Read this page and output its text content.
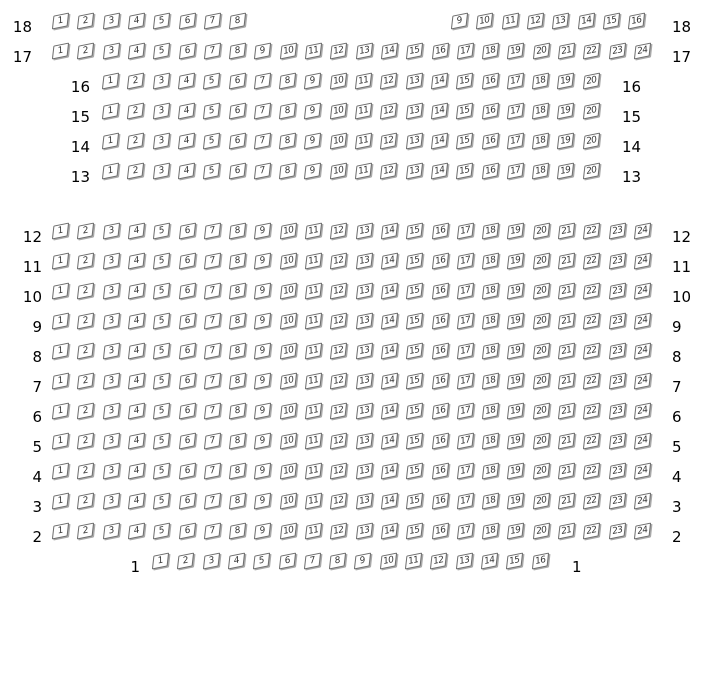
18	18
1	2	3	4	5	6	7	8	9	10	11	12	13	14	15	16
17	17
1	2	3	4	5	6	7	8	9	10	11	12	13	14	15	16	17	18	19	20	21	22	23	24
16	16
1	2	3	4	5	6	7	8	9	10	11	12	13	14	15	16	17	18	19	20
15	15
1	2	3	4	5	6	7	8	9	10	11	12	13	14	15	16	17	18	19	20
14	14
1	2	3	4	5	6	7	8	9	10	11	12	13	14	15	16	17	18	19	20
13	13
1	2	3	4	5	6	7	8	9	10	11	12	13	14	15	16	17	18	19	20
12	12
1	2	3	4	5	6	7	8	9	10	11	12	13	14	15	16	17	18	19	20	21	22	23	24
11	11
1	2	3	4	5	6	7	8	9	10	11	12	13	14	15	16	17	18	19	20	21	22	23	24
10	10
1	2	3	4	5	6	7	8	9	10	11	12	13	14	15	16	17	18	19	20	21	22	23	24
9	9
1	2	3	4	5	6	7	8	9	10	11	12	13	14	15	16	17	18	19	20	21	22	23	24
8	8
1	2	3	4	5	6	7	8	9	10	11	12	13	14	15	16	17	18	19	20	21	22	23	24
7	7
1	2	3	4	5	6	7	8	9	10	11	12	13	14	15	16	17	18	19	20	21	22	23	24
6	6
1	2	3	4	5	6	7	8	9	10	11	12	13	14	15	16	17	18	19	20	21	22	23	24
5	5
1	2	3	4	5	6	7	8	9	10	11	12	13	14	15	16	17	18	19	20	21	22	23	24
4	4
1	2	3	4	5	6	7	8	9	10	11	12	13	14	15	16	17	18	19	20	21	22	23	24
3	3
1	2	3	4	5	6	7	8	9	10	11	12	13	14	15	16	17	18	19	20	21	22	23	24
2	2
1	2	3	4	5	6	7	8	9	10	11	12	13	14	15	16	17	18	19	20	21	22	23	24
1	1
1	2	3	4	5	6	7	8	9	10	11	12	13	14	15	16
